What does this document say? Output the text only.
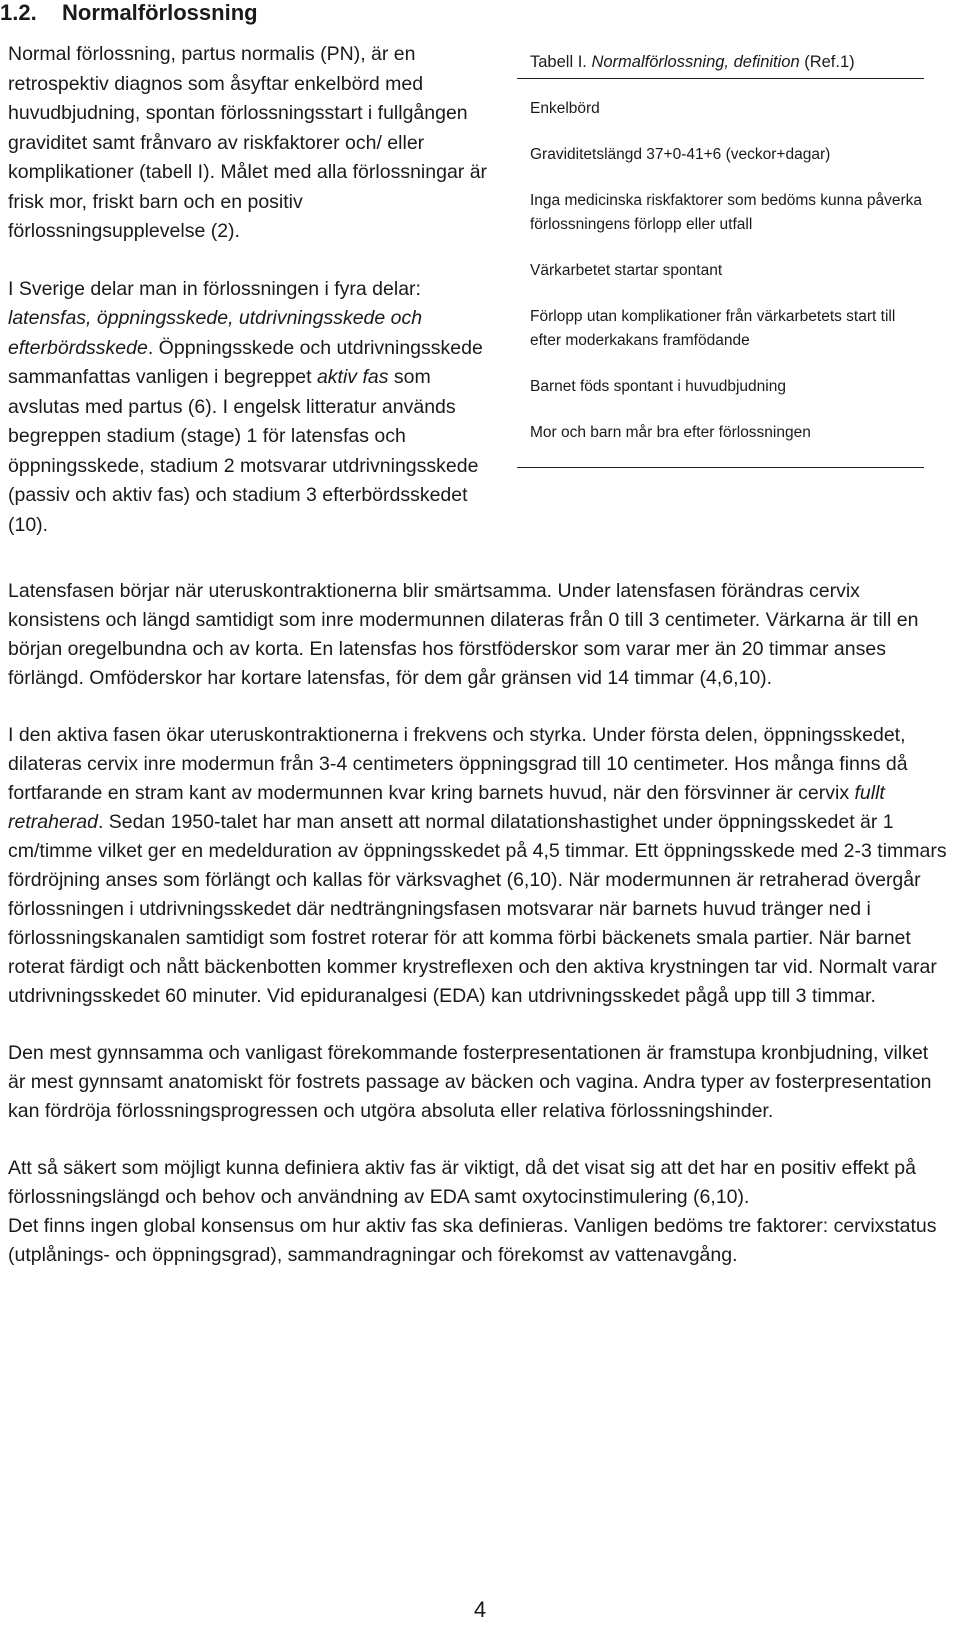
1.2. Normalförlossning

Normal förlossning, partus normalis (PN), är en retrospektiv diagnos som åsyftar enkelbörd med huvudbjudning, spontan förlossningsstart i fullgången graviditet samt frånvaro av riskfaktorer och/ eller komplikationer (tabell I). Målet med alla förlossningar är frisk mor, friskt barn och en positiv förlossningsupplevelse (2).

I Sverige delar man in förlossningen i fyra delar: latensfas, öppningsskede, utdrivningsskede och efterbördsskede. Öppningsskede och utdrivningsskede sammanfattas vanligen i begreppet aktiv fas som avslutas med partus (6). I engelsk litteratur används begreppen stadium (stage) 1 för latensfas och öppningsskede, stadium 2 motsvarar utdrivningsskede (passiv och aktiv fas) och stadium 3 efterbördsskedet (10).

Tabell I. Normalförlossning, definition (Ref.1)
Enkelbörd
Graviditetslängd 37+0-41+6 (veckor+dagar)
Inga medicinska riskfaktorer som bedöms kunna påverka förlossningens förlopp eller utfall
Värkarbetet startar spontant
Förlopp utan komplikationer från värkarbetets start till efter moderkakans framfödande
Barnet föds spontant i huvudbjudning
Mor och barn mår bra efter förlossningen

Latensfasen börjar när uteruskontraktionerna blir smärtsamma. Under latensfasen förändras cervix konsistens och längd samtidigt som inre modermunnen dilateras från 0 till 3 centimeter. Värkarna är till en början oregelbundna och av korta. En latensfas hos förstföderskor som varar mer än 20 timmar anses förlängd. Omföderskor har kortare latensfas, för dem går gränsen vid 14 timmar (4,6,10).

I den aktiva fasen ökar uteruskontraktionerna i frekvens och styrka. Under första delen, öppningsskedet, dilateras cervix inre modermun från 3-4 centimeters öppningsgrad till 10 centimeter. Hos många finns då fortfarande en stram kant av modermunnen kvar kring barnets huvud, när den försvinner är cervix fullt retraherad. Sedan 1950-talet har man ansett att normal dilatationshastighet under öppningsskedet är 1 cm/timme vilket ger en medelduration av öppningsskedet på 4,5 timmar. Ett öppningsskede med 2-3 timmars fördröjning anses som förlängt och kallas för värksvaghet (6,10). När modermunnen är retraherad övergår förlossningen i utdrivningsskedet där nedträngningsfasen motsvarar när barnets huvud tränger ned i förlossningskanalen samtidigt som fostret roterar för att komma förbi bäckenets smala partier. När barnet roterat färdigt och nått bäckenbotten kommer krystreflexen och den aktiva krystningen tar vid. Normalt varar utdrivningsskedet 60 minuter. Vid epiduranalgesi (EDA) kan utdrivningsskedet pågå upp till 3 timmar.

Den mest gynnsamma och vanligast förekommande fosterpresentationen är framstupa kronbjudning, vilket är mest gynnsamt anatomiskt för fostrets passage av bäcken och vagina. Andra typer av fosterpresentation kan fördröja förlossningsprogressen och utgöra absoluta eller relativa förlossningshinder.

Att så säkert som möjligt kunna definiera aktiv fas är viktigt, då det visat sig att det har en positiv effekt på förlossningslängd och behov och användning av EDA samt oxytocinstimulering (6,10).

Det finns ingen global konsensus om hur aktiv fas ska definieras. Vanligen bedöms tre faktorer: cervixstatus (utplånings- och öppningsgrad), sammandragningar och förekomst av vattenavgång.

4
